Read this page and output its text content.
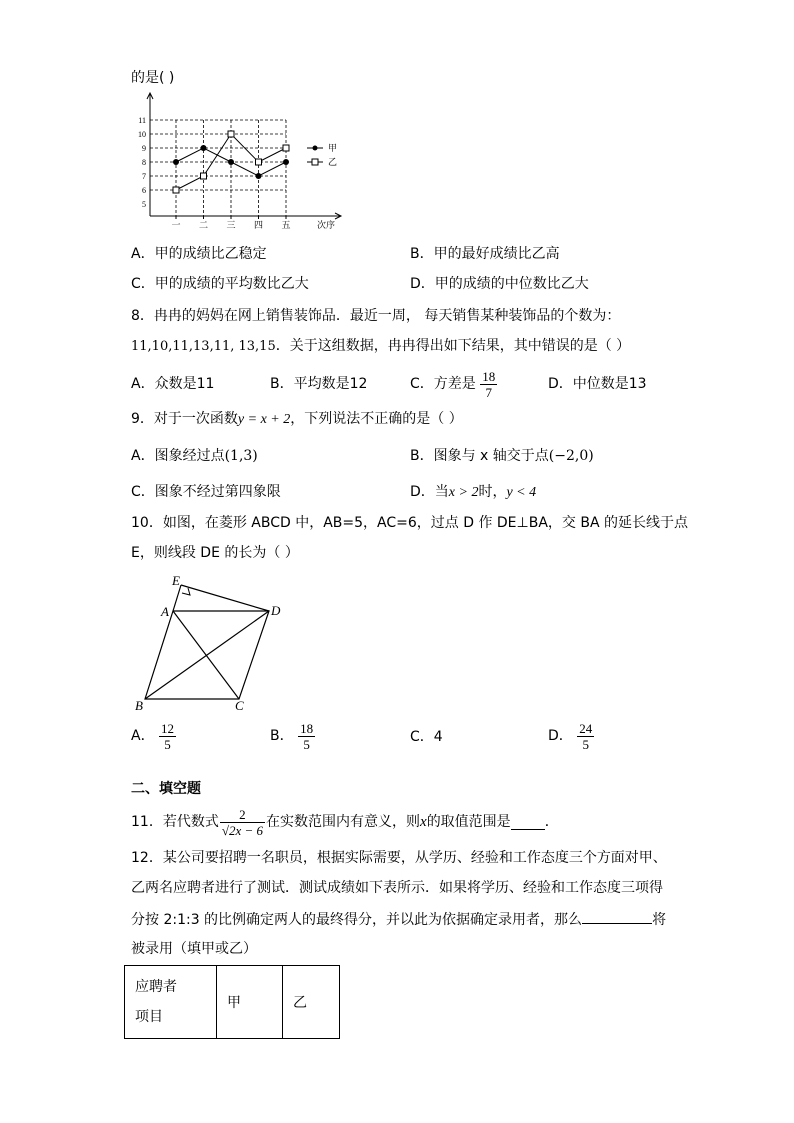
的是( )
5
6
7
8
9
10
11
一 二 三 四 五	次序
甲
乙
A．甲的成绩比乙稳定	B．甲的最好成绩比乙高
C．甲的成绩的平均数比乙大	D．甲的成绩的中位数比乙大
8．冉冉的妈妈在网上销售装饰品．最近一周， 每天销售某种装饰品的个数为：
11,10,11,13,11, 13,15．关于这组数据，冉冉得出如下结果，其中错误的是（ ）
A．众数是11	B．平均数是12	C．方差是 $\frac{18}{7}$	D．中位数是13
9．对于一次函数y = x + 2，下列说法不正确的是（ ）
A．图象经过点(1,3)	B．图象与 x 轴交于点(−2,0)
C．图象不经过第四象限	D．当x > 2时，y < 4
10．如图，在菱形 ABCD 中，AB=5，AC=6，过点 D 作 DE⊥BA，交 BA 的延长线于点
E，则线段 DE 的长为（ ）
E
A	D
B	C
A． $\frac{12}{5}$	B． $\frac{18}{5}$	C．4	D． $\frac{24}{5}$
二、填空题
11．若代数式 $\frac{2}{√2x - 6}$ 在实数范围内有意义，则 x 的取值范围是 ．
12．某公司要招聘一名职员，根据实际需要，从学历、经验和工作态度三个方面对甲、
乙两名应聘者进行了测试．测试成绩如下表所示．如果将学历、经验和工作态度三项得
分按 2:1:3 的比例确定两人的最终得分，并以此为依据确定录用者，那么	将
被录用（填甲或乙）
应聘者
项目
	甲	乙
